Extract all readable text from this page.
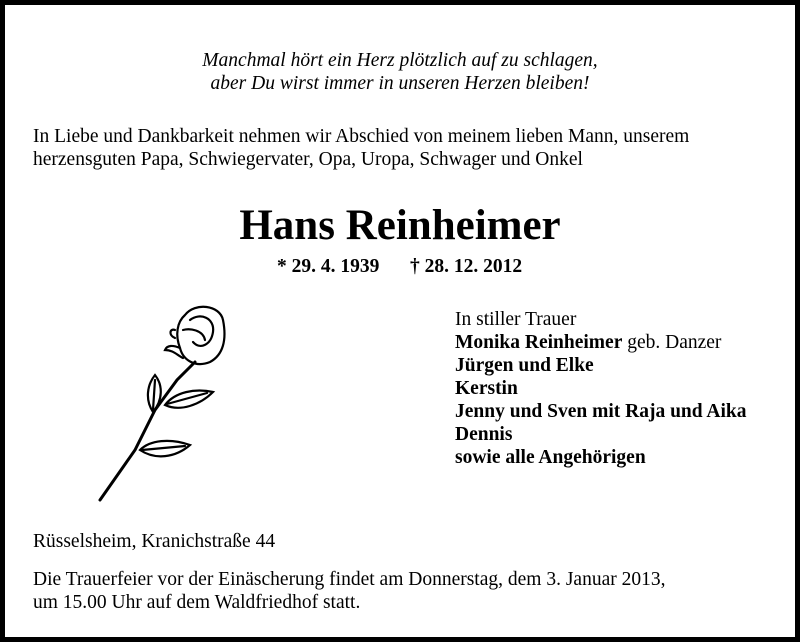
Manchmal hört ein Herz plötzlich auf zu schlagen,
aber Du wirst immer in unseren Herzen bleiben!
In Liebe und Dankbarkeit nehmen wir Abschied von meinem lieben Mann, unserem
herzensguten Papa, Schwiegervater, Opa, Uropa, Schwager und Onkel
Hans Reinheimer
* 29. 4. 1939 † 28. 12. 2012
In stiller Trauer
Monika Reinheimer geb. Danzer
Jürgen und Elke
Kerstin
Jenny und Sven mit Raja und Aika
Dennis
sowie alle Angehörigen
Rüsselsheim, Kranichstraße 44
Die Trauerfeier vor der Einäscherung findet am Donnerstag, dem 3. Januar 2013,
um 15.00 Uhr auf dem Waldfriedhof statt.
